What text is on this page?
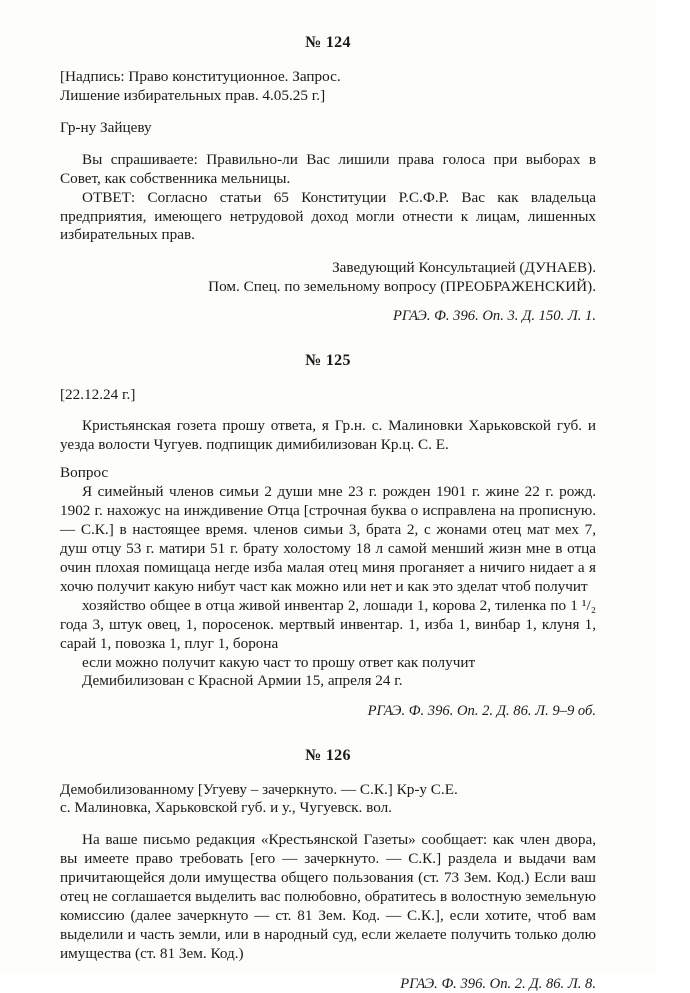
№ 124

[Надпись: Право конституционное. Запрос.

Лишение избирательных прав. 4.05.25 г.]

Гр-ну Зайцеву

Вы спрашиваете: Правильно-ли Вас лишили права голоса при выборах в Совет, как собственника мельницы.

ОТВЕТ: Согласно статьи 65 Конституции Р.С.Ф.Р. Вас как владельца предприятия, имеющего нетрудовой доход могли отнести к лицам, лишенных избирательных прав.

Заведующий Консультацией (ДУНАЕВ).
Пом. Спец. по земельному вопросу (ПРЕОБРАЖЕНСКИЙ).

РГАЭ. Ф. 396. Оп. 3. Д. 150. Л. 1.

№ 125

[22.12.24 г.]

Кристьянская гозета прошу ответа, я Гр.н. с. Малиновки Харьковской губ. и уезда волости Чугуев. подпищик димибилизован Кр.ц. С. Е.

Вопрос

Я симейный членов симьи 2 души мне 23 г. рожден 1901 г. жине 22 г. рожд. 1902 г. нахожус на инждивение Отца [строчная буква о исправлена на прописную. — С.К.] в настоящее время. членов симьи 3, брата 2, с жонами отец мат мех 7, душ отцу 53 г. матири 51 г. брату холостому 18 л самой менший жизн мне в отца очин плохая помищаца негде изба малая отец миня проганяет а ничиго нидает а я хочю получит какую нибут част как можно или нет и как это зделат чтоб получит

хозяйство общее в отца живой инвентар 2, лошади 1, корова 2, тиленка по 1 ¹/₂ года 3, штук овец, 1, поросенок. мертвый инвентар. 1, изба 1, винбар 1, клуня 1, сарай 1, повозка 1, плуг 1, борона

если можно получит какую част то прошу ответ как получит

Демибилизован с Красной Армии 15, апреля 24 г.

РГАЭ. Ф. 396. Оп. 2. Д. 86. Л. 9–9 об.

№ 126

Демобилизованному [Угуеву – зачеркнуто. — С.К.] Кр-у С.Е.

с. Малиновка, Харьковской губ. и у., Чугуевск. вол.

На ваше письмо редакция «Крестьянской Газеты» сообщает: как член двора, вы имеете право требовать [его — зачеркнуто. — С.К.] раздела и выдачи вам причитающейся доли имущества общего пользования (ст. 73 Зем. Код.) Если ваш отец не соглашается выделить вас полюбовно, обратитесь в волостную земельную комиссию (далее зачеркнуто — ст. 81 Зем. Код. — С.К.], если хотите, чтоб вам выделили и часть земли, или в народный суд, если желаете получить только долю имущества (ст. 81 Зем. Код.)

РГАЭ. Ф. 396. Оп. 2. Д. 86. Л. 8.
